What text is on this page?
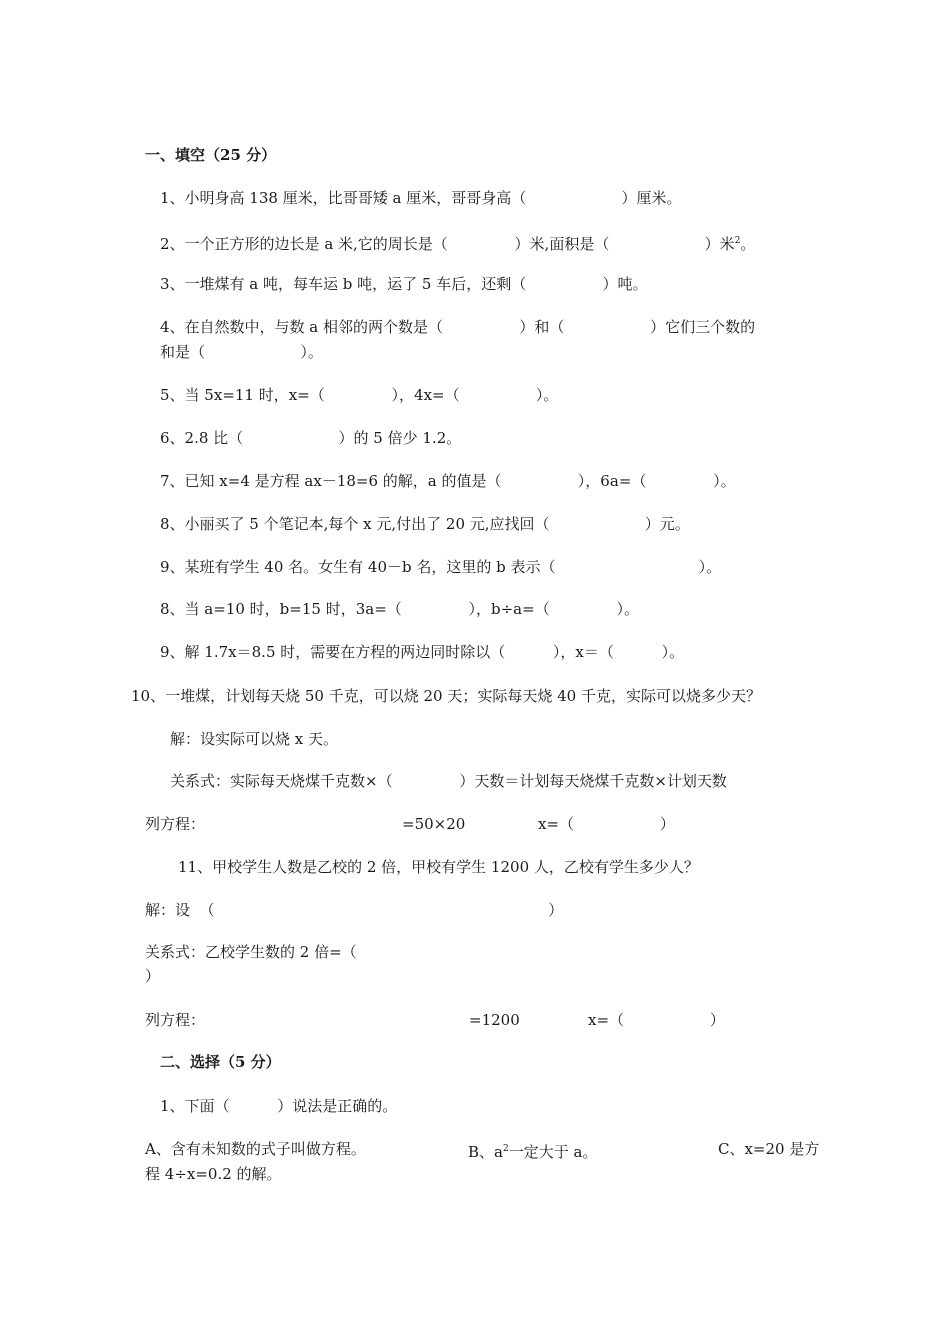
一、填空（25 分）
1、小明身高 138 厘米，比哥哥矮 a 厘米，哥哥身高（                    ）厘米。
2、一个正方形的边长是 a 米,它的周长是（              ）米,面积是（                    ）米$^2$。
3、一堆煤有 a 吨，每车运 b 吨，运了 5 车后，还剩（                ）吨。
4、在自然数中，与数 a 相邻的两个数是（                ）和（                  ）它们三个数的
和是（                    ）。
5、当 5x=11 时，x=（              ），4x=（                ）。
6、2.8 比（                    ）的 5 倍少 1.2。
7、已知 x=4 是方程 ax－18=6 的解，a 的值是（                ），6a=（              ）。
8、小丽买了 5 个笔记本,每个 x 元,付出了 20 元,应找回（                    ）元。
9、某班有学生 40 名。女生有 40－b 名，这里的 b 表示（                              ）。
8、当 a=10 时，b=15 时，3a=（              ），b÷a=（              ）。
9、解 1.7x＝8.5 时，需要在方程的两边同时除以（          ），x＝（          ）。
10、一堆煤，计划每天烧 50 千克，可以烧 20 天；实际每天烧 40 千克，实际可以烧多少天？
解：设实际可以烧 x 天。
关系式：实际每天烧煤千克数×（              ）天数＝计划每天烧煤千克数×计划天数
列方程：	=50×20	x=（                  ）
11、甲校学生人数是乙校的 2 倍，甲校有学生 1200 人，乙校有学生多少人？
解：设  （                                                                      ）
关系式：乙校学生数的 2 倍=（
）
列方程：	=1200	x=（                  ）
二、选择（5 分）
1、下面（          ）说法是正确的。
A、含有未知数的式子叫做方程。	B、$a^2$一定大于 a。	C、x=20 是方
程 4÷x=0.2 的解。
